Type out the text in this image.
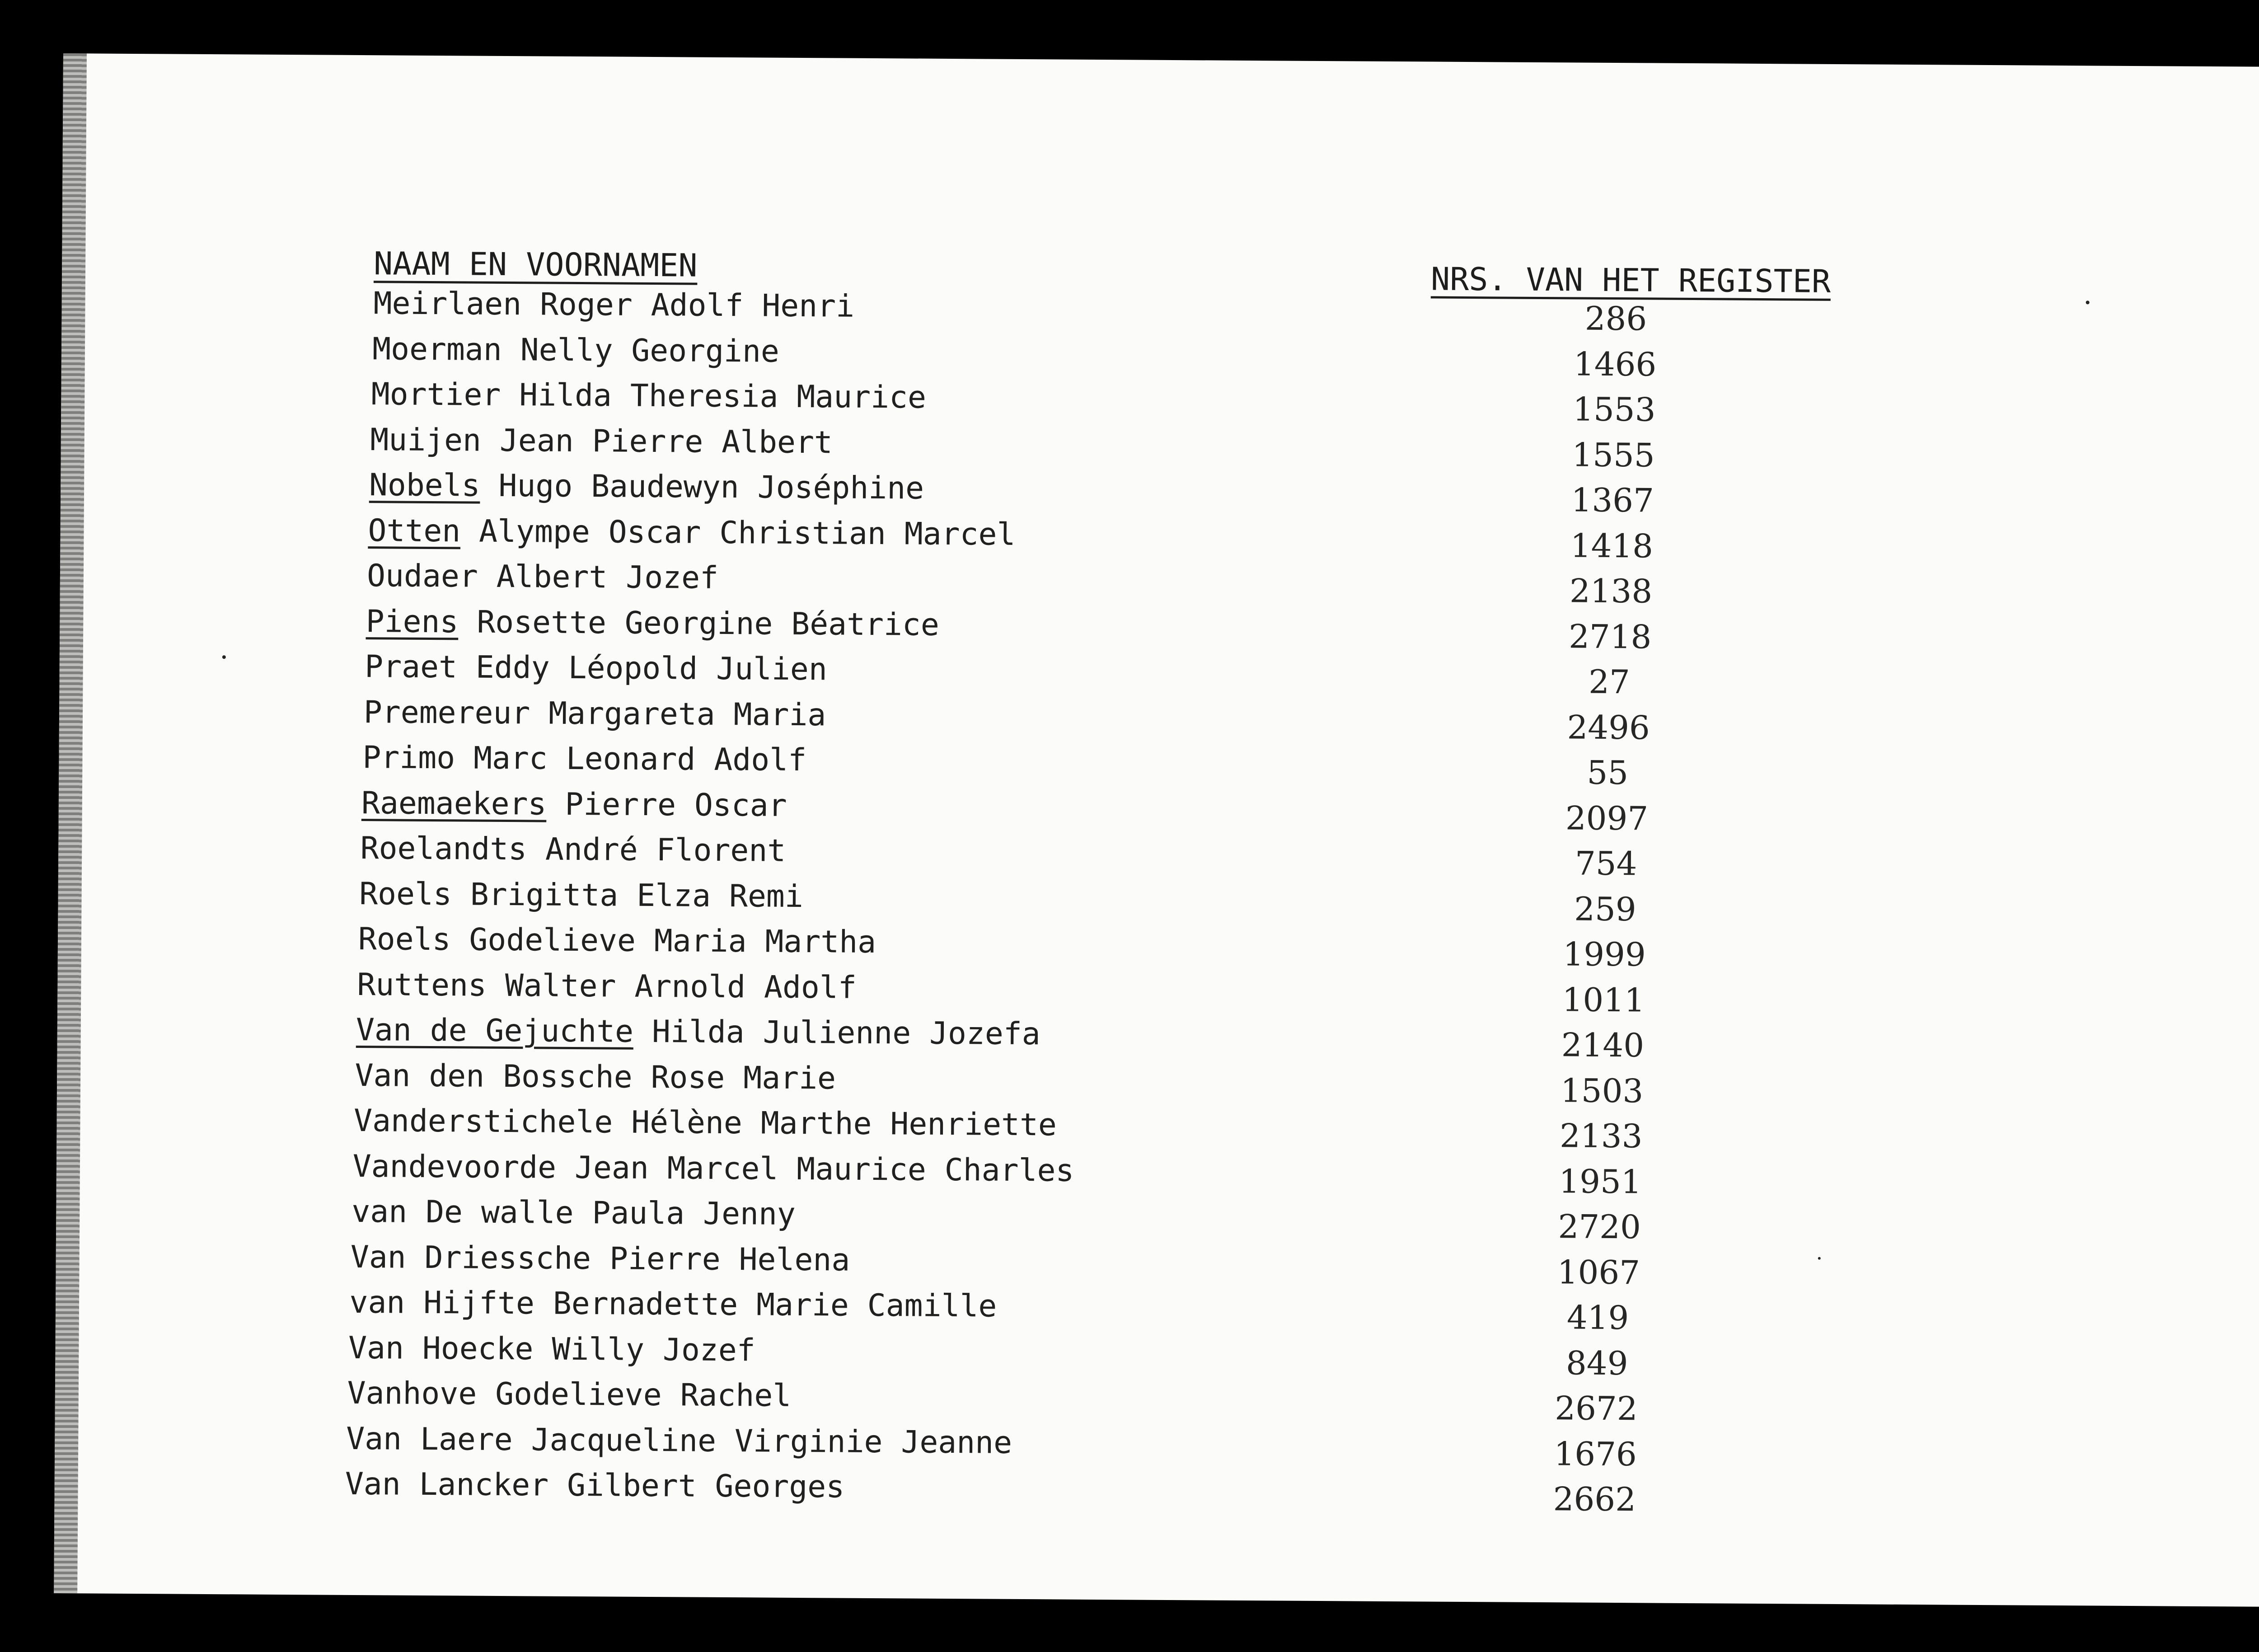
NAAM EN VOORNAMEN	NRS. VAN HET REGISTER
Meirlaen Roger Adolf Henri	286
Moerman Nelly Georgine	1466
Mortier Hilda Theresia Maurice	1553
Muijen Jean Pierre Albert	1555
Nobels Hugo Baudewyn Joséphine	1367
Otten Alympe Oscar Christian Marcel	1418
Oudaer Albert Jozef	2138
Piens Rosette Georgine Béatrice	2718
Praet Eddy Léopold Julien	27
Premereur Margareta Maria	2496
Primo Marc Leonard Adolf	55
Raemaekers Pierre Oscar	2097
Roelandts André Florent	754
Roels Brigitta Elza Remi	259
Roels Godelieve Maria Martha	1999
Ruttens Walter Arnold Adolf	1011
Van de Gejuchte Hilda Julienne Jozefa	2140
Van den Bossche Rose Marie	1503
Vanderstichele Hélène Marthe Henriette	2133
Vandevoorde Jean Marcel Maurice Charles	1951
van De walle Paula Jenny	2720
Van Driessche Pierre Helena	1067
van Hijfte Bernadette Marie Camille	419
Van Hoecke Willy Jozef	849
Vanhove Godelieve Rachel	2672
Van Laere Jacqueline Virginie Jeanne	1676
Van Lancker Gilbert Georges	2662
